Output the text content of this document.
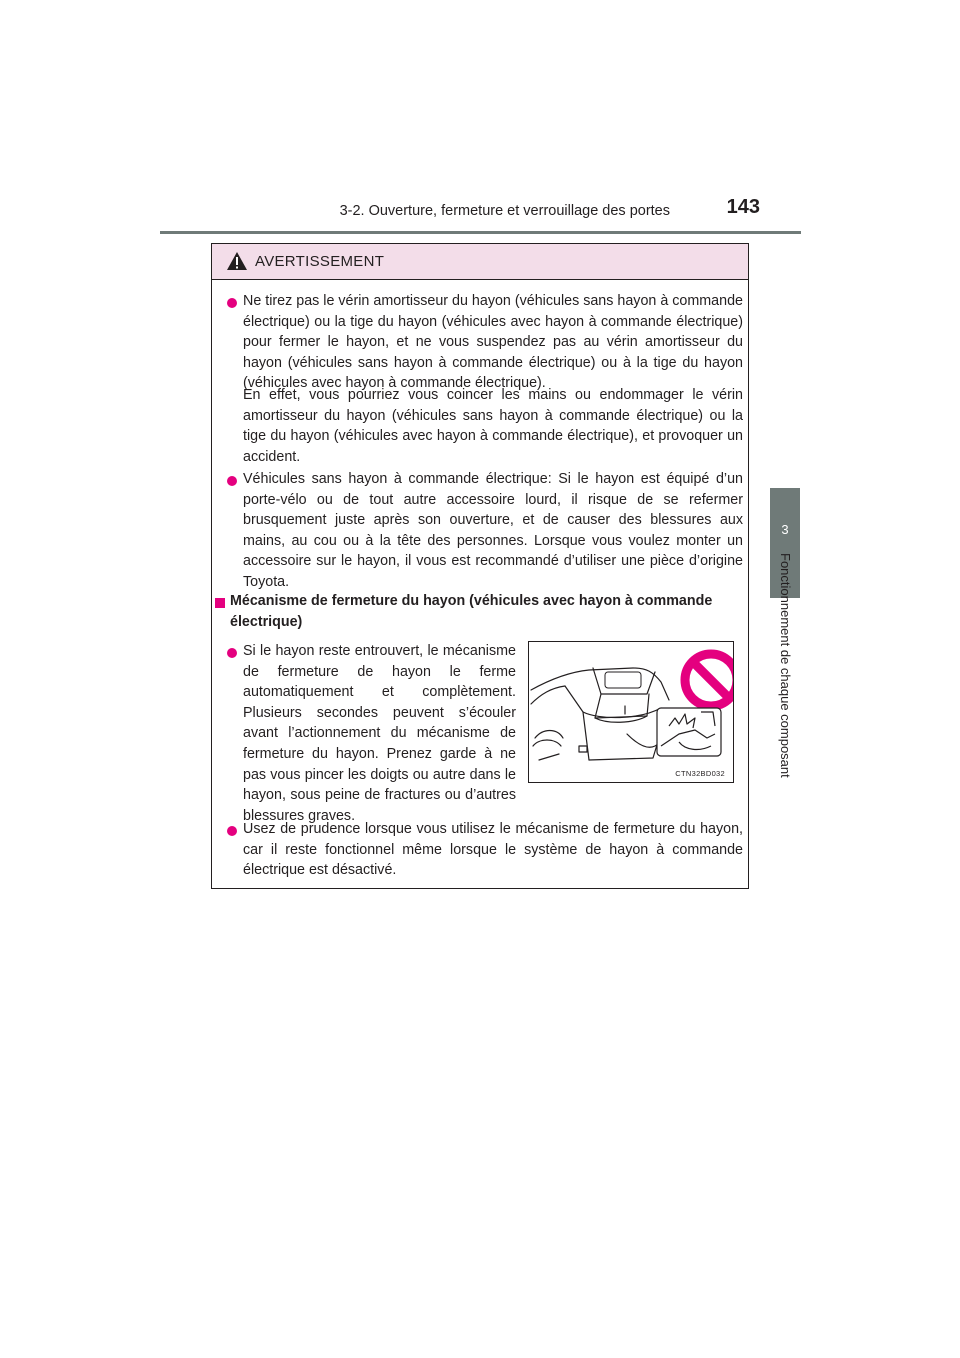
3-2. Ouverture, fermeture et verrouillage des portes	143
3
Fonctionnement de chaque composant
AVERTISSEMENT
Ne tirez pas le vérin amortisseur du hayon (véhicules sans hayon à commande électrique) ou la tige du hayon (véhicules avec hayon à commande électrique) pour fermer le hayon, et ne vous suspendez pas au vérin amortisseur du hayon (véhicules sans hayon à commande électrique) ou à la tige du hayon (véhicules avec hayon à commande électrique).
En effet, vous pourriez vous coincer les mains ou endommager le vérin amortisseur du hayon (véhicules sans hayon à commande électrique) ou la tige du hayon (véhicules avec hayon à commande électrique), et provoquer un accident.
Véhicules sans hayon à commande électrique: Si le hayon est équipé d’un porte-vélo ou de tout autre accessoire lourd, il risque de se refermer brusquement juste après son ouverture, et de causer des blessures aux mains, au cou ou à la tête des personnes. Lorsque vous voulez monter un accessoire sur le hayon, il vous est recommandé d’utiliser une pièce d’origine Toyota.
Mécanisme de fermeture du hayon (véhicules avec hayon à commande électrique)
Si le hayon reste entrouvert, le mécanisme de fermeture de hayon le ferme automatiquement et complètement. Plusieurs secondes peuvent s’écouler avant l’actionnement du mécanisme de fermeture du hayon. Prenez garde à ne pas vous pincer les doigts ou autre dans le hayon, sous peine de fractures ou d’autres blessures graves.
CTN32BD032
Usez de prudence lorsque vous utilisez le mécanisme de fermeture du hayon, car il reste fonctionnel même lorsque le système de hayon à commande électrique est désactivé.
